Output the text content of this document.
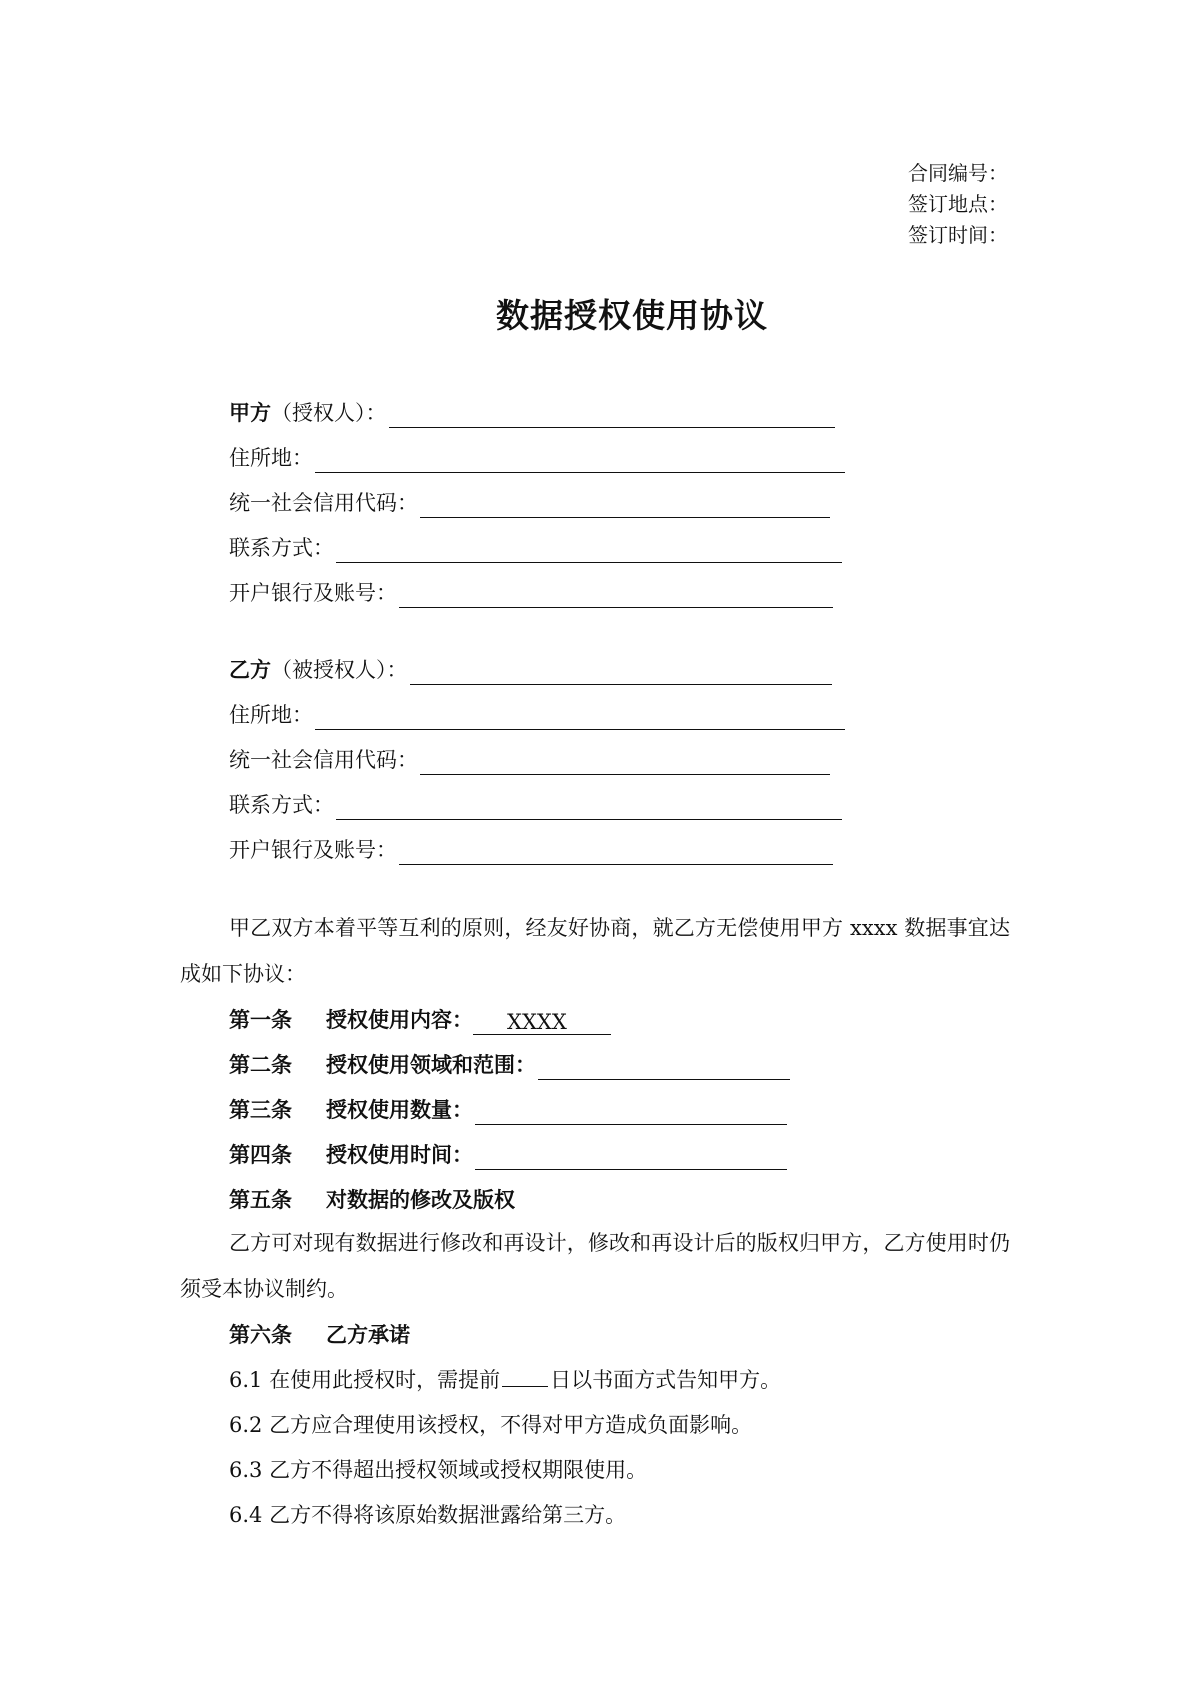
合同编号：
签订地点：
签订时间：
数据授权使用协议
甲方 （授权人）：
住所地：
统一社会信用代码：
联系方式：
开户银行及账号：
乙方 （被授权人）：
住所地：
统一社会信用代码：
联系方式：
开户银行及账号：
甲乙双方本着平等互利的原则，经友好协商，就乙方无偿使用甲方 xxxx 数据事宜达成如下协议：
第一条	授权使用内容：	XXXX
第二条	授权使用领域和范围：
第三条	授权使用数量：
第四条	授权使用时间：
第五条	对数据的修改及版权
乙方可对现有数据进行修改和再设计，修改和再设计后的版权归甲方，乙方使用时仍须受本协议制约。
第六条	乙方承诺
6.1 在使用此授权时，需提前 日以书面方式告知甲方。
6.2 乙方应合理使用该授权，不得对甲方造成负面影响。
6.3 乙方不得超出授权领域或授权期限使用。
6.4 乙方不得将该原始数据泄露给第三方。
